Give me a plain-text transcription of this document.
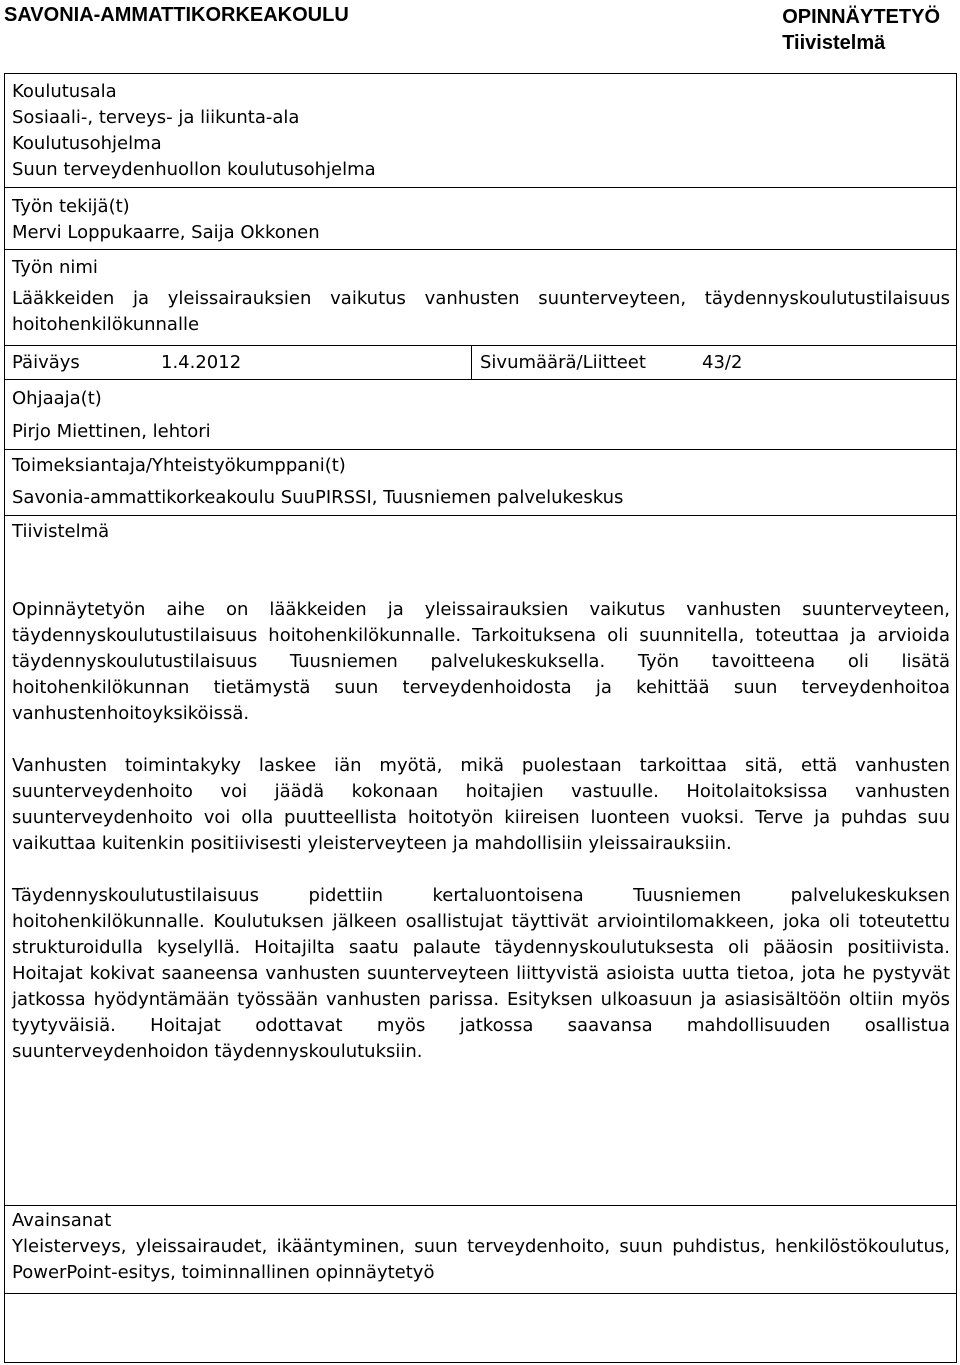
SAVONIA-AMMATTIKORKEAKOULU	OPINNÄYTETYÖ
Tiivistelmä
Koulutusala
Sosiaali-, terveys- ja liikunta-ala
Koulutusohjelma
Suun terveydenhuollon koulutusohjelma
Työn tekijä(t)
Mervi Loppukaarre, Saija Okkonen
Työn nimi
Lääkkeiden ja yleissairauksien vaikutus vanhusten suunterveyteen, täydennyskoulutustilaisuus hoitohenkilökunnalle
Päiväys	1.4.2012	Sivumäärä/Liitteet	43/2
Ohjaaja(t)
Pirjo Miettinen, lehtori
Toimeksiantaja/Yhteistyökumppani(t)
Savonia-ammattikorkeakoulu SuuPIRSSI, Tuusniemen palvelukeskus
Tiivistelmä

Opinnäytetyön aihe on lääkkeiden ja yleissairauksien vaikutus vanhusten suunterveyteen, täydennyskoulutustilaisuus hoitohenkilökunnalle. Tarkoituksena oli suunnitella, toteuttaa ja arvioida täydennyskoulutustilaisuus Tuusniemen palvelukeskuksella. Työn tavoitteena oli lisätä hoitohenkilökunnan tietämystä suun terveydenhoidosta ja kehittää suun terveydenhoitoa vanhustenhoitoyksiköissä.

Vanhusten toimintakyky laskee iän myötä, mikä puolestaan tarkoittaa sitä, että vanhusten suunterveydenhoito voi jäädä kokonaan hoitajien vastuulle. Hoitolaitoksissa vanhusten suunterveydenhoito voi olla puutteellista hoitotyön kiireisen luonteen vuoksi. Terve ja puhdas suu vaikuttaa kuitenkin positiivisesti yleisterveyteen ja mahdollisiin yleissairauksiin.

Täydennyskoulutustilaisuus pidettiin kertaluontoisena Tuusniemen palvelukeskuksen hoitohenkilökunnalle. Koulutuksen jälkeen osallistujat täyttivät arviointilomakkeen, joka oli toteutettu strukturoidulla kyselyllä. Hoitajilta saatu palaute täydennyskoulutuksesta oli pääosin positiivista. Hoitajat kokivat saaneensa vanhusten suunterveyteen liittyvistä asioista uutta tietoa, jota he pystyvät jatkossa hyödyntämään työssään vanhusten parissa. Esityksen ulkoasuun ja asiasisältöön oltiin myös tyytyväisiä. Hoitajat odottavat myös jatkossa saavansa mahdollisuuden osallistua suunterveydenhoidon täydennyskoulutuksiin.

Avainsanat
Yleisterveys, yleissairaudet, ikääntyminen, suun terveydenhoito, suun puhdistus, henkilöstökoulutus, PowerPoint-esitys, toiminnallinen opinnäytetyö
